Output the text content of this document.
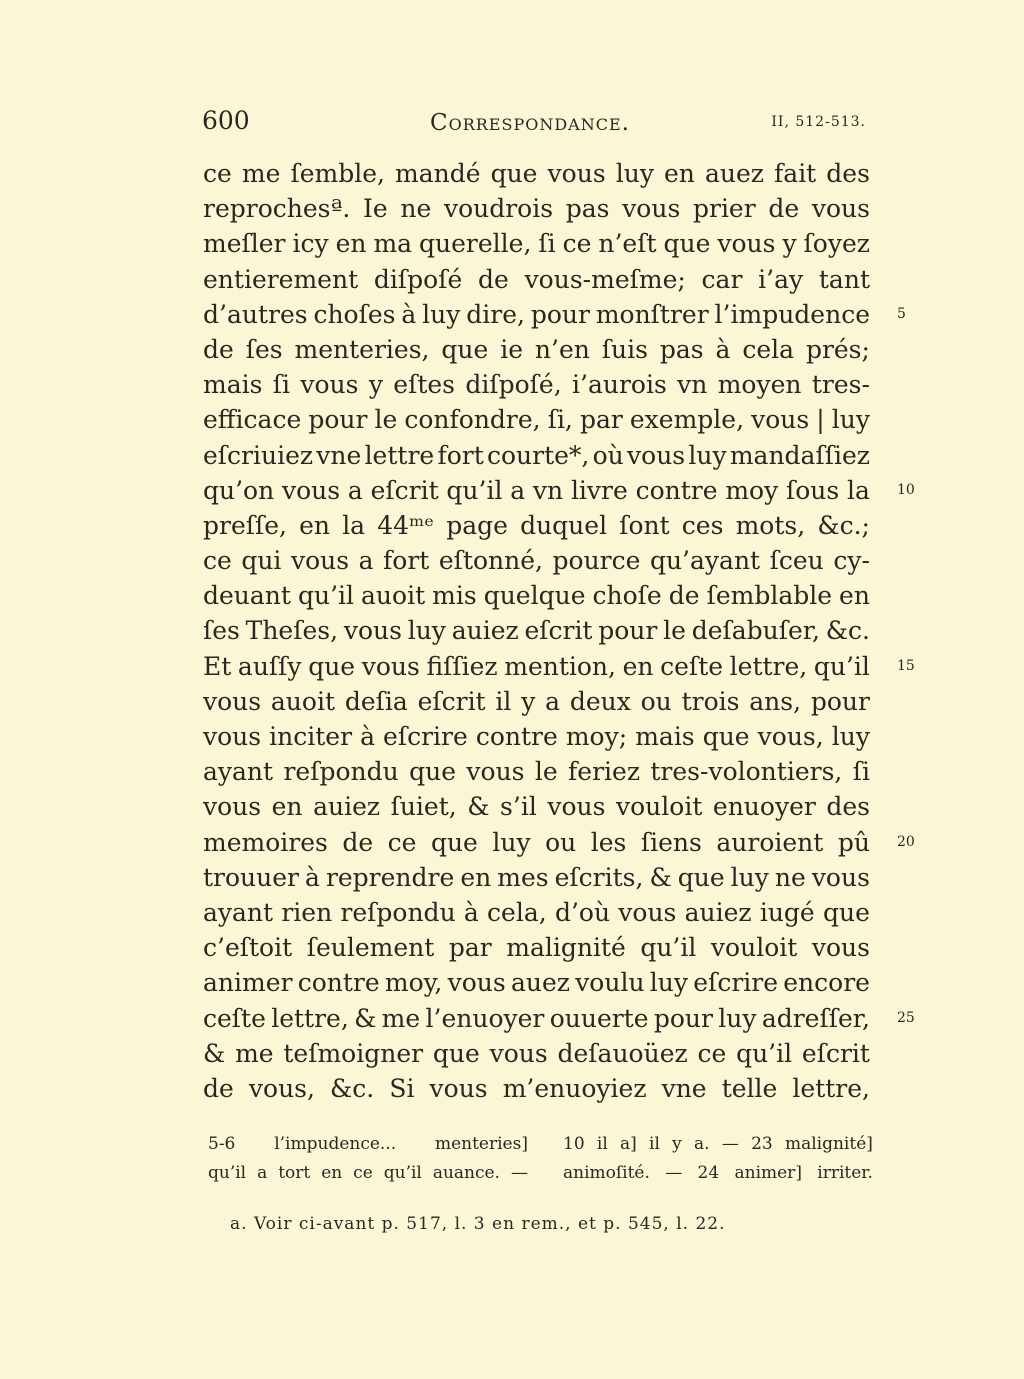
600	Correspondance.	II, 512-513.
ce me ſemble, mandé que vous luy en auez fait des
reprochesª. Ie ne voudrois pas vous prier de vous
meſler icy en ma querelle, ſi ce n’eſt que vous y ſoyez
entierement diſpoſé de vous-meſme; car i’ay tant
d’autres choſes à luy dire, pour monſtrer l’impudence 5
de ſes menteries, que ie n’en ſuis pas à cela prés;
mais ſi vous y eſtes diſpoſé, i’aurois vn moyen tres-
efficace pour le confondre, ſi, par exemple, vous | luy
eſcriuiez vne lettre fort courte*, où vous luy mandaſſiez
qu’on vous a eſcrit qu’il a vn livre contre moy ſous la 10
preſſe, en la 44ᵐᵉ page duquel ſont ces mots, &c.;
ce qui vous a fort eſtonné, pource qu’ayant ſceu cy-
deuant qu’il auoit mis quelque choſe de ſemblable en
ſes Theſes, vous luy auiez eſcrit pour le deſabuſer, &c.
Et auſſy que vous fiſſiez mention, en ceſte lettre, qu’il 15
vous auoit deſia eſcrit il y a deux ou trois ans, pour
vous inciter à eſcrire contre moy; mais que vous, luy
ayant reſpondu que vous le feriez tres-volontiers, ſi
vous en auiez ſuiet, & s’il vous vouloit enuoyer des
memoires de ce que luy ou les ſiens auroient pû 20
trouuer à reprendre en mes eſcrits, & que luy ne vous
ayant rien reſpondu à cela, d’où vous auiez iugé que
c’eſtoit ſeulement par malignité qu’il vouloit vous
animer contre moy, vous auez voulu luy eſcrire encore
ceſte lettre, & me l’enuoyer ouuerte pour luy adreſſer, 25
& me teſmoigner que vous deſauoüez ce qu’il eſcrit
de vous, &c. Si vous m’enuoyiez vne telle lettre,
5-6 l’impudence... menteries]
qu’il a tort en ce qu’il auance. —
10 il a] il y a. — 23 malignité]
animoſité. — 24 animer] irriter.
a. Voir ci-avant p. 517, l. 3 en rem., et p. 545, l. 22.
